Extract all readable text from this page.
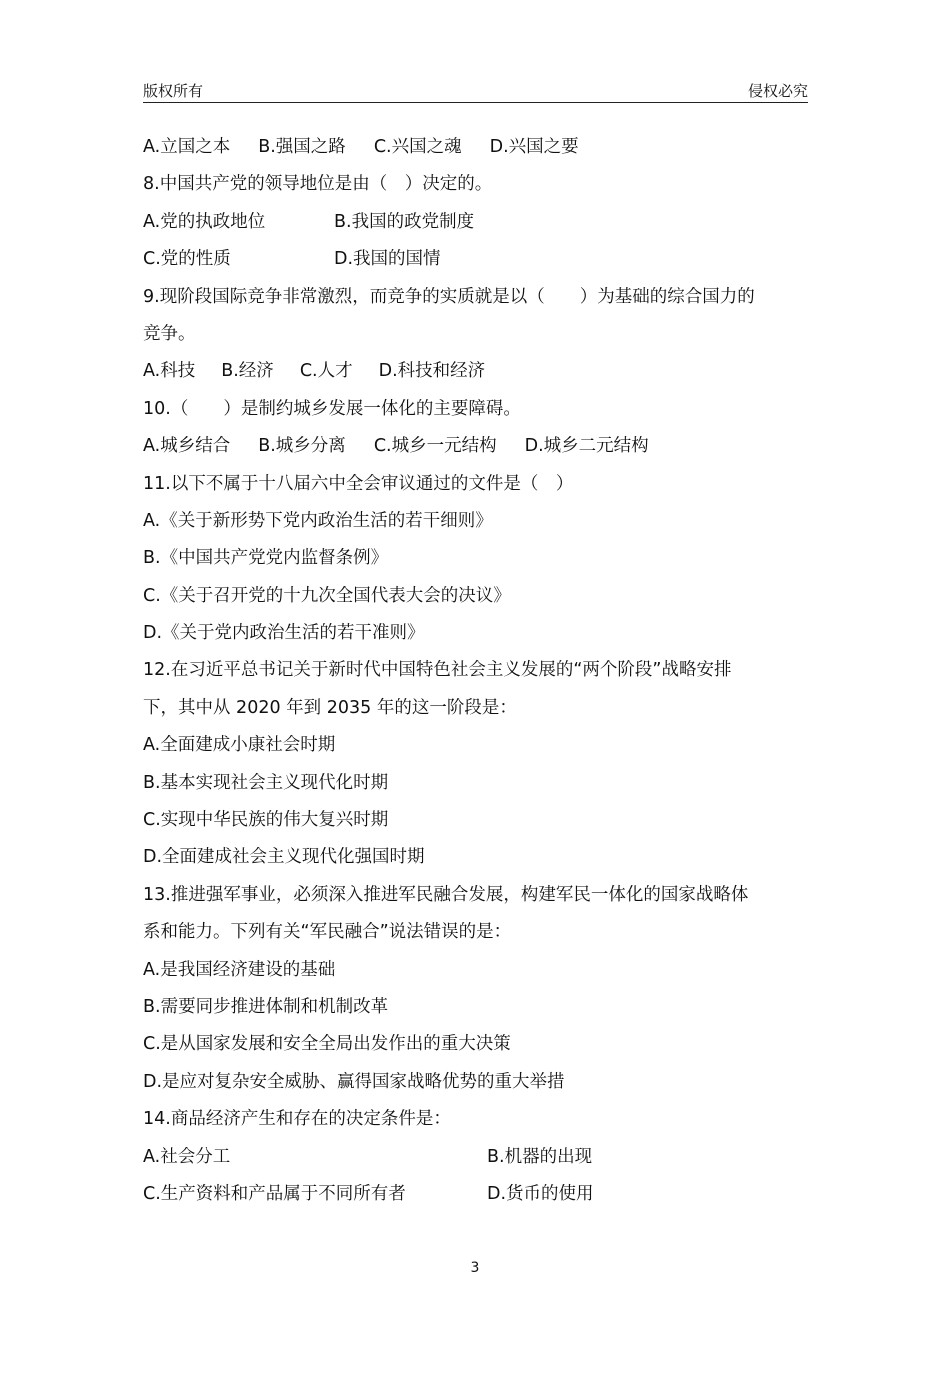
版权所有	侵权必究
A.立国之本 B.强国之路 C.兴国之魂 D.兴国之要
8.中国共产党的领导地位是由（　）决定的。
A.党的执政地位	B.我国的政党制度
C.党的性质	D.我国的国情
9.现阶段国际竞争非常激烈，而竞争的实质就是以（　　）为基础的综合国力的
竞争。
A.科技 B.经济 C.人才 D.科技和经济
10.（　　）是制约城乡发展一体化的主要障碍。
A.城乡结合 B.城乡分离 C.城乡一元结构 D.城乡二元结构
11.以下不属于十八届六中全会审议通过的文件是（　）
A.《关于新形势下党内政治生活的若干细则》
B.《中国共产党党内监督条例》
C.《关于召开党的十九次全国代表大会的决议》
D.《关于党内政治生活的若干准则》
12.在习近平总书记关于新时代中国特色社会主义发展的“两个阶段”战略安排
下，其中从 2020 年到 2035 年的这一阶段是：
A.全面建成小康社会时期
B.基本实现社会主义现代化时期
C.实现中华民族的伟大复兴时期
D.全面建成社会主义现代化强国时期
13.推进强军事业，必须深入推进军民融合发展，构建军民一体化的国家战略体
系和能力。下列有关“军民融合”说法错误的是：
A.是我国经济建设的基础
B.需要同步推进体制和机制改革
C.是从国家发展和安全全局出发作出的重大决策
D.是应对复杂安全威胁、赢得国家战略优势的重大举措
14.商品经济产生和存在的决定条件是：
A.社会分工	B.机器的出现
C.生产资料和产品属于不同所有者	D.货币的使用
3
